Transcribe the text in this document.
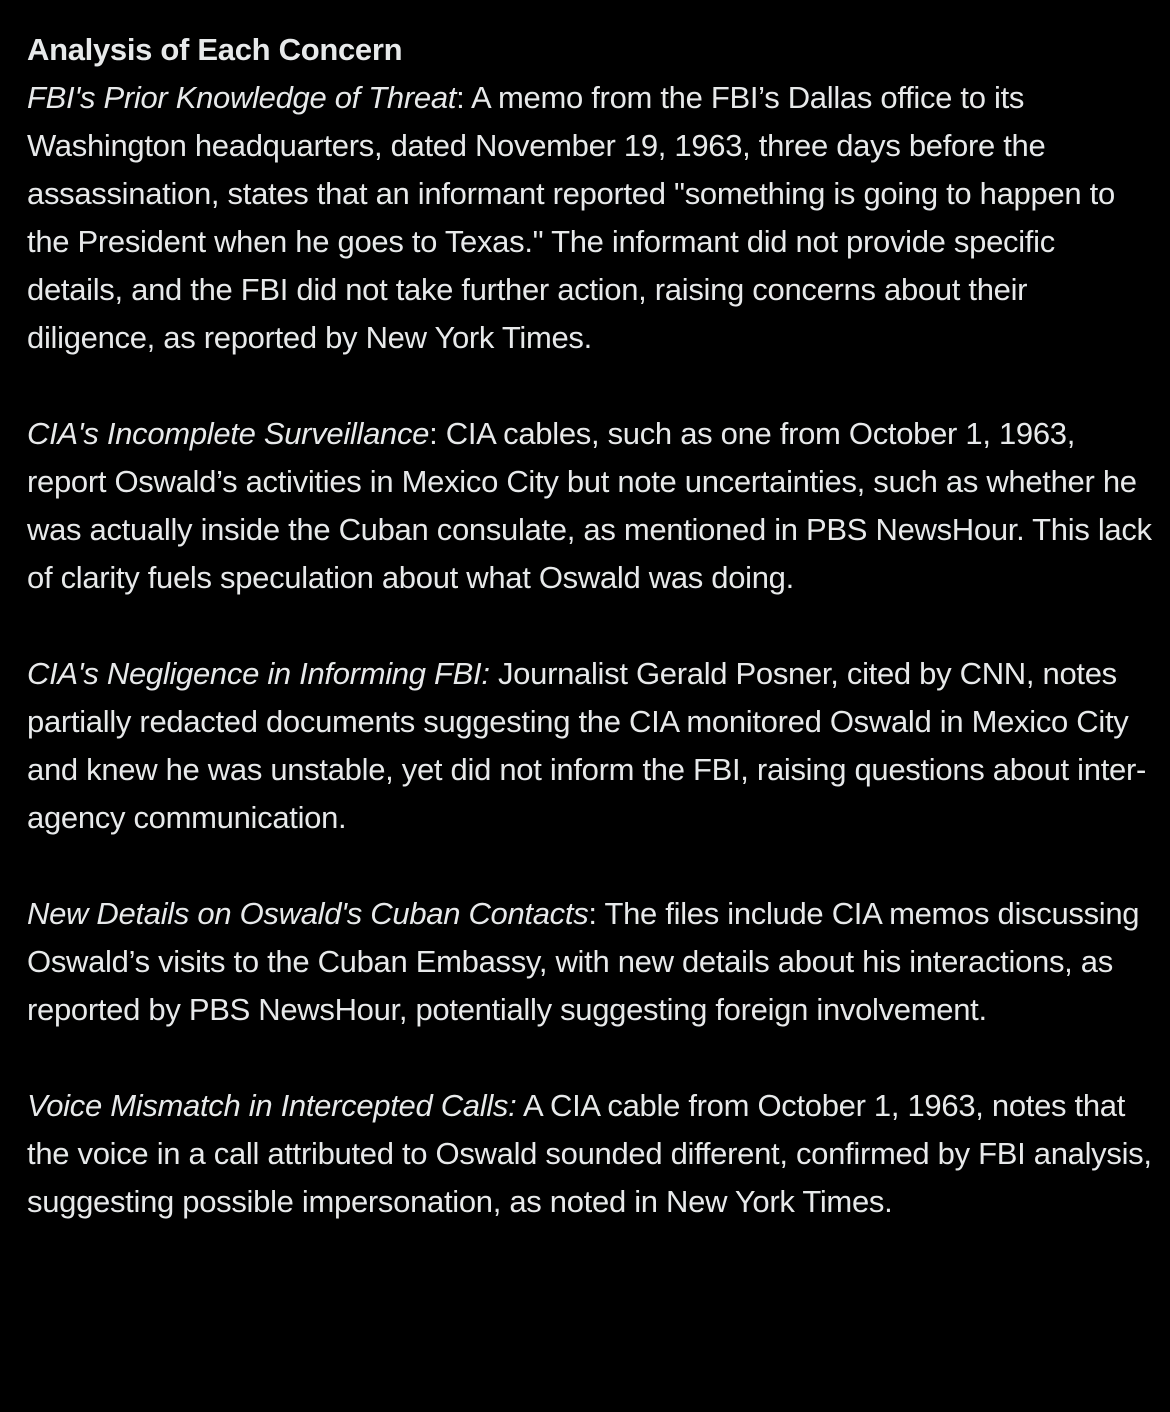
Analysis of Each Concern

FBI's Prior Knowledge of Threat: A memo from the FBI’s Dallas office to its Washington headquarters, dated November 19, 1963, three days before the assassination, states that an informant reported "something is going to happen to the President when he goes to Texas." The informant did not provide specific details, and the FBI did not take further action, raising concerns about their diligence, as reported by New York Times.

CIA's Incomplete Surveillance: CIA cables, such as one from October 1, 1963, report Oswald’s activities in Mexico City but note uncertainties, such as whether he was actually inside the Cuban consulate, as mentioned in PBS NewsHour. This lack of clarity fuels speculation about what Oswald was doing.

CIA's Negligence in Informing FBI: Journalist Gerald Posner, cited by CNN, notes partially redacted documents suggesting the CIA monitored Oswald in Mexico City and knew he was unstable, yet did not inform the FBI, raising questions about inter-agency communication.

New Details on Oswald's Cuban Contacts: The files include CIA memos discussing Oswald’s visits to the Cuban Embassy, with new details about his interactions, as reported by PBS NewsHour, potentially suggesting foreign involvement.

Voice Mismatch in Intercepted Calls: A CIA cable from October 1, 1963, notes that the voice in a call attributed to Oswald sounded different, confirmed by FBI analysis, suggesting possible impersonation, as noted in New York Times.
